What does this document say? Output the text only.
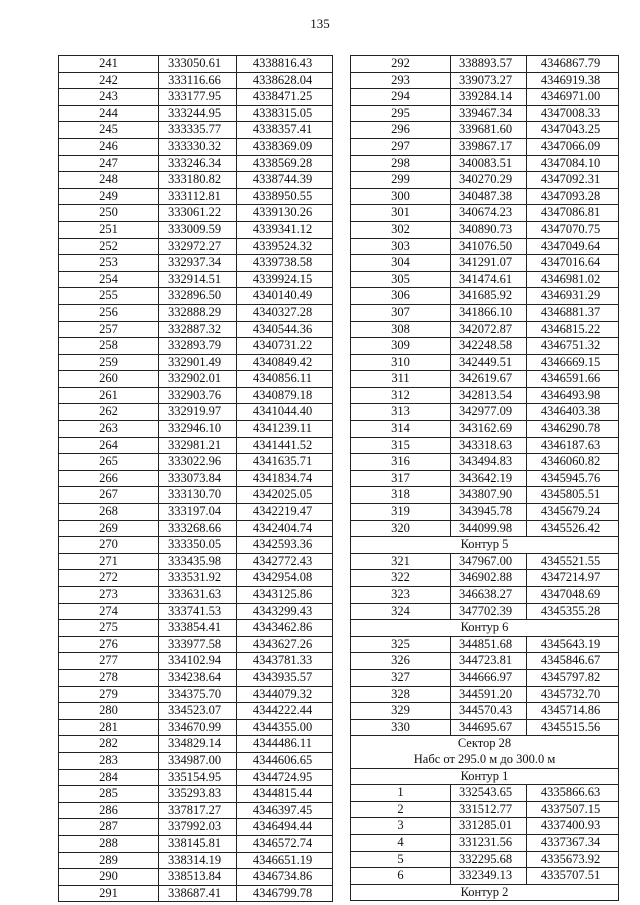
135
241	333050.61	4338816.43
242	333116.66	4338628.04
243	333177.95	4338471.25
244	333244.95	4338315.05
245	333335.77	4338357.41
246	333330.32	4338369.09
247	333246.34	4338569.28
248	333180.82	4338744.39
249	333112.81	4338950.55
250	333061.22	4339130.26
251	333009.59	4339341.12
252	332972.27	4339524.32
253	332937.34	4339738.58
254	332914.51	4339924.15
255	332896.50	4340140.49
256	332888.29	4340327.28
257	332887.32	4340544.36
258	332893.79	4340731.22
259	332901.49	4340849.42
260	332902.01	4340856.11
261	332903.76	4340879.18
262	332919.97	4341044.40
263	332946.10	4341239.11
264	332981.21	4341441.52
265	333022.96	4341635.71
266	333073.84	4341834.74
267	333130.70	4342025.05
268	333197.04	4342219.47
269	333268.66	4342404.74
270	333350.05	4342593.36
271	333435.98	4342772.43
272	333531.92	4342954.08
273	333631.63	4343125.86
274	333741.53	4343299.43
275	333854.41	4343462.86
276	333977.58	4343627.26
277	334102.94	4343781.33
278	334238.64	4343935.57
279	334375.70	4344079.32
280	334523.07	4344222.44
281	334670.99	4344355.00
282	334829.14	4344486.11
283	334987.00	4344606.65
284	335154.95	4344724.95
285	335293.83	4344815.44
286	337817.27	4346397.45
287	337992.03	4346494.44
288	338145.81	4346572.74
289	338314.19	4346651.19
290	338513.84	4346734.86
291	338687.41	4346799.78
292	338893.57	4346867.79
293	339073.27	4346919.38
294	339284.14	4346971.00
295	339467.34	4347008.33
296	339681.60	4347043.25
297	339867.17	4347066.09
298	340083.51	4347084.10
299	340270.29	4347092.31
300	340487.38	4347093.28
301	340674.23	4347086.81
302	340890.73	4347070.75
303	341076.50	4347049.64
304	341291.07	4347016.64
305	341474.61	4346981.02
306	341685.92	4346931.29
307	341866.10	4346881.37
308	342072.87	4346815.22
309	342248.58	4346751.32
310	342449.51	4346669.15
311	342619.67	4346591.66
312	342813.54	4346493.98
313	342977.09	4346403.38
314	343162.69	4346290.78
315	343318.63	4346187.63
316	343494.83	4346060.82
317	343642.19	4345945.76
318	343807.90	4345805.51
319	343945.78	4345679.24
320	344099.98	4345526.42

Контур 5		

321	347967.00	4345521.55
322	346902.88	4347214.97
323	346638.27	4347048.69
324	347702.39	4345355.28

Контур 6		

325	344851.68	4345643.19
326	344723.81	4345846.67
327	344666.97	4345797.82
328	344591.20	4345732.70
329	344570.43	4345714.86
330	344695.67	4345515.56

Сектор 28
Набс от 295.0 м до 300.0 м		

Контур 1		

1	332543.65	4335866.63
2	331512.77	4337507.15
3	331285.01	4337400.93
4	331231.56	4337367.34
5	332295.68	4335673.92
6	332349.13	4335707.51

Контур 2		
